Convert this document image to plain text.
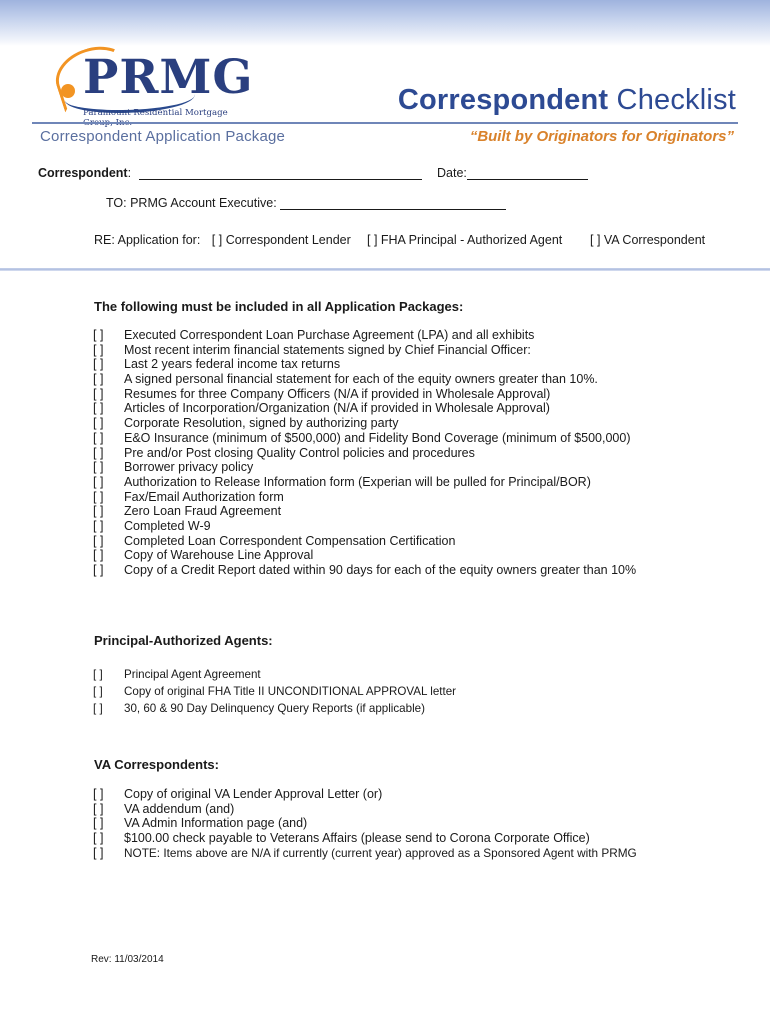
PRMG
Paramount Residential Mortgage	Correspondent Checklist
Correspondent Application Package	“Built by Originators for Originators”
Correspondent:	Date:
TO: PRMG Account Executive:
RE: Application for: [ ] Correspondent Lender [ ] FHA Principal - Authorized Agent [ ] VA Correspondent
The following must be included in all Application Packages:
[ ]	Executed Correspondent Loan Purchase Agreement (LPA) and all exhibits
[ ]	Most recent interim financial statements signed by Chief Financial Officer:
[ ]	Last 2 years federal income tax returns
[ ]	A signed personal financial statement for each of the equity owners greater than 10%.
[ ]	Resumes for three Company Officers (N/A if provided in Wholesale Approval)
[ ]	Articles of Incorporation/Organization (N/A if provided in Wholesale Approval)
[ ]	Corporate Resolution, signed by authorizing party
[ ]	E&O Insurance (minimum of $500,000) and Fidelity Bond Coverage (minimum of $500,000)
[ ]	Pre and/or Post closing Quality Control policies and procedures
[ ]	Borrower privacy policy
[ ]	Authorization to Release Information form (Experian will be pulled for Principal/BOR)
[ ]	Fax/Email Authorization form
[ ]	Zero Loan Fraud Agreement
[ ]	Completed W-9
[ ]	Completed Loan Correspondent Compensation Certification
[ ]	Copy of Warehouse Line Approval
[ ]	Copy of a Credit Report dated within 90 days for each of the equity owners greater than 10%
Principal-Authorized Agents:
[ ]	Principal Agent Agreement
[ ]	Copy of original FHA Title II UNCONDITIONAL APPROVAL letter
[ ]	30, 60 & 90 Day Delinquency Query Reports (if applicable)
VA Correspondents:
[ ]	Copy of original VA Lender Approval Letter (or)
[ ]	VA addendum (and)
[ ]	VA Admin Information page (and)
[ ]	$100.00 check payable to Veterans Affairs (please send to Corona Corporate Office)
[ ]	NOTE: Items above are N/A if currently (current year) approved as a Sponsored Agent with PRMG
Rev: 11/03/2014
